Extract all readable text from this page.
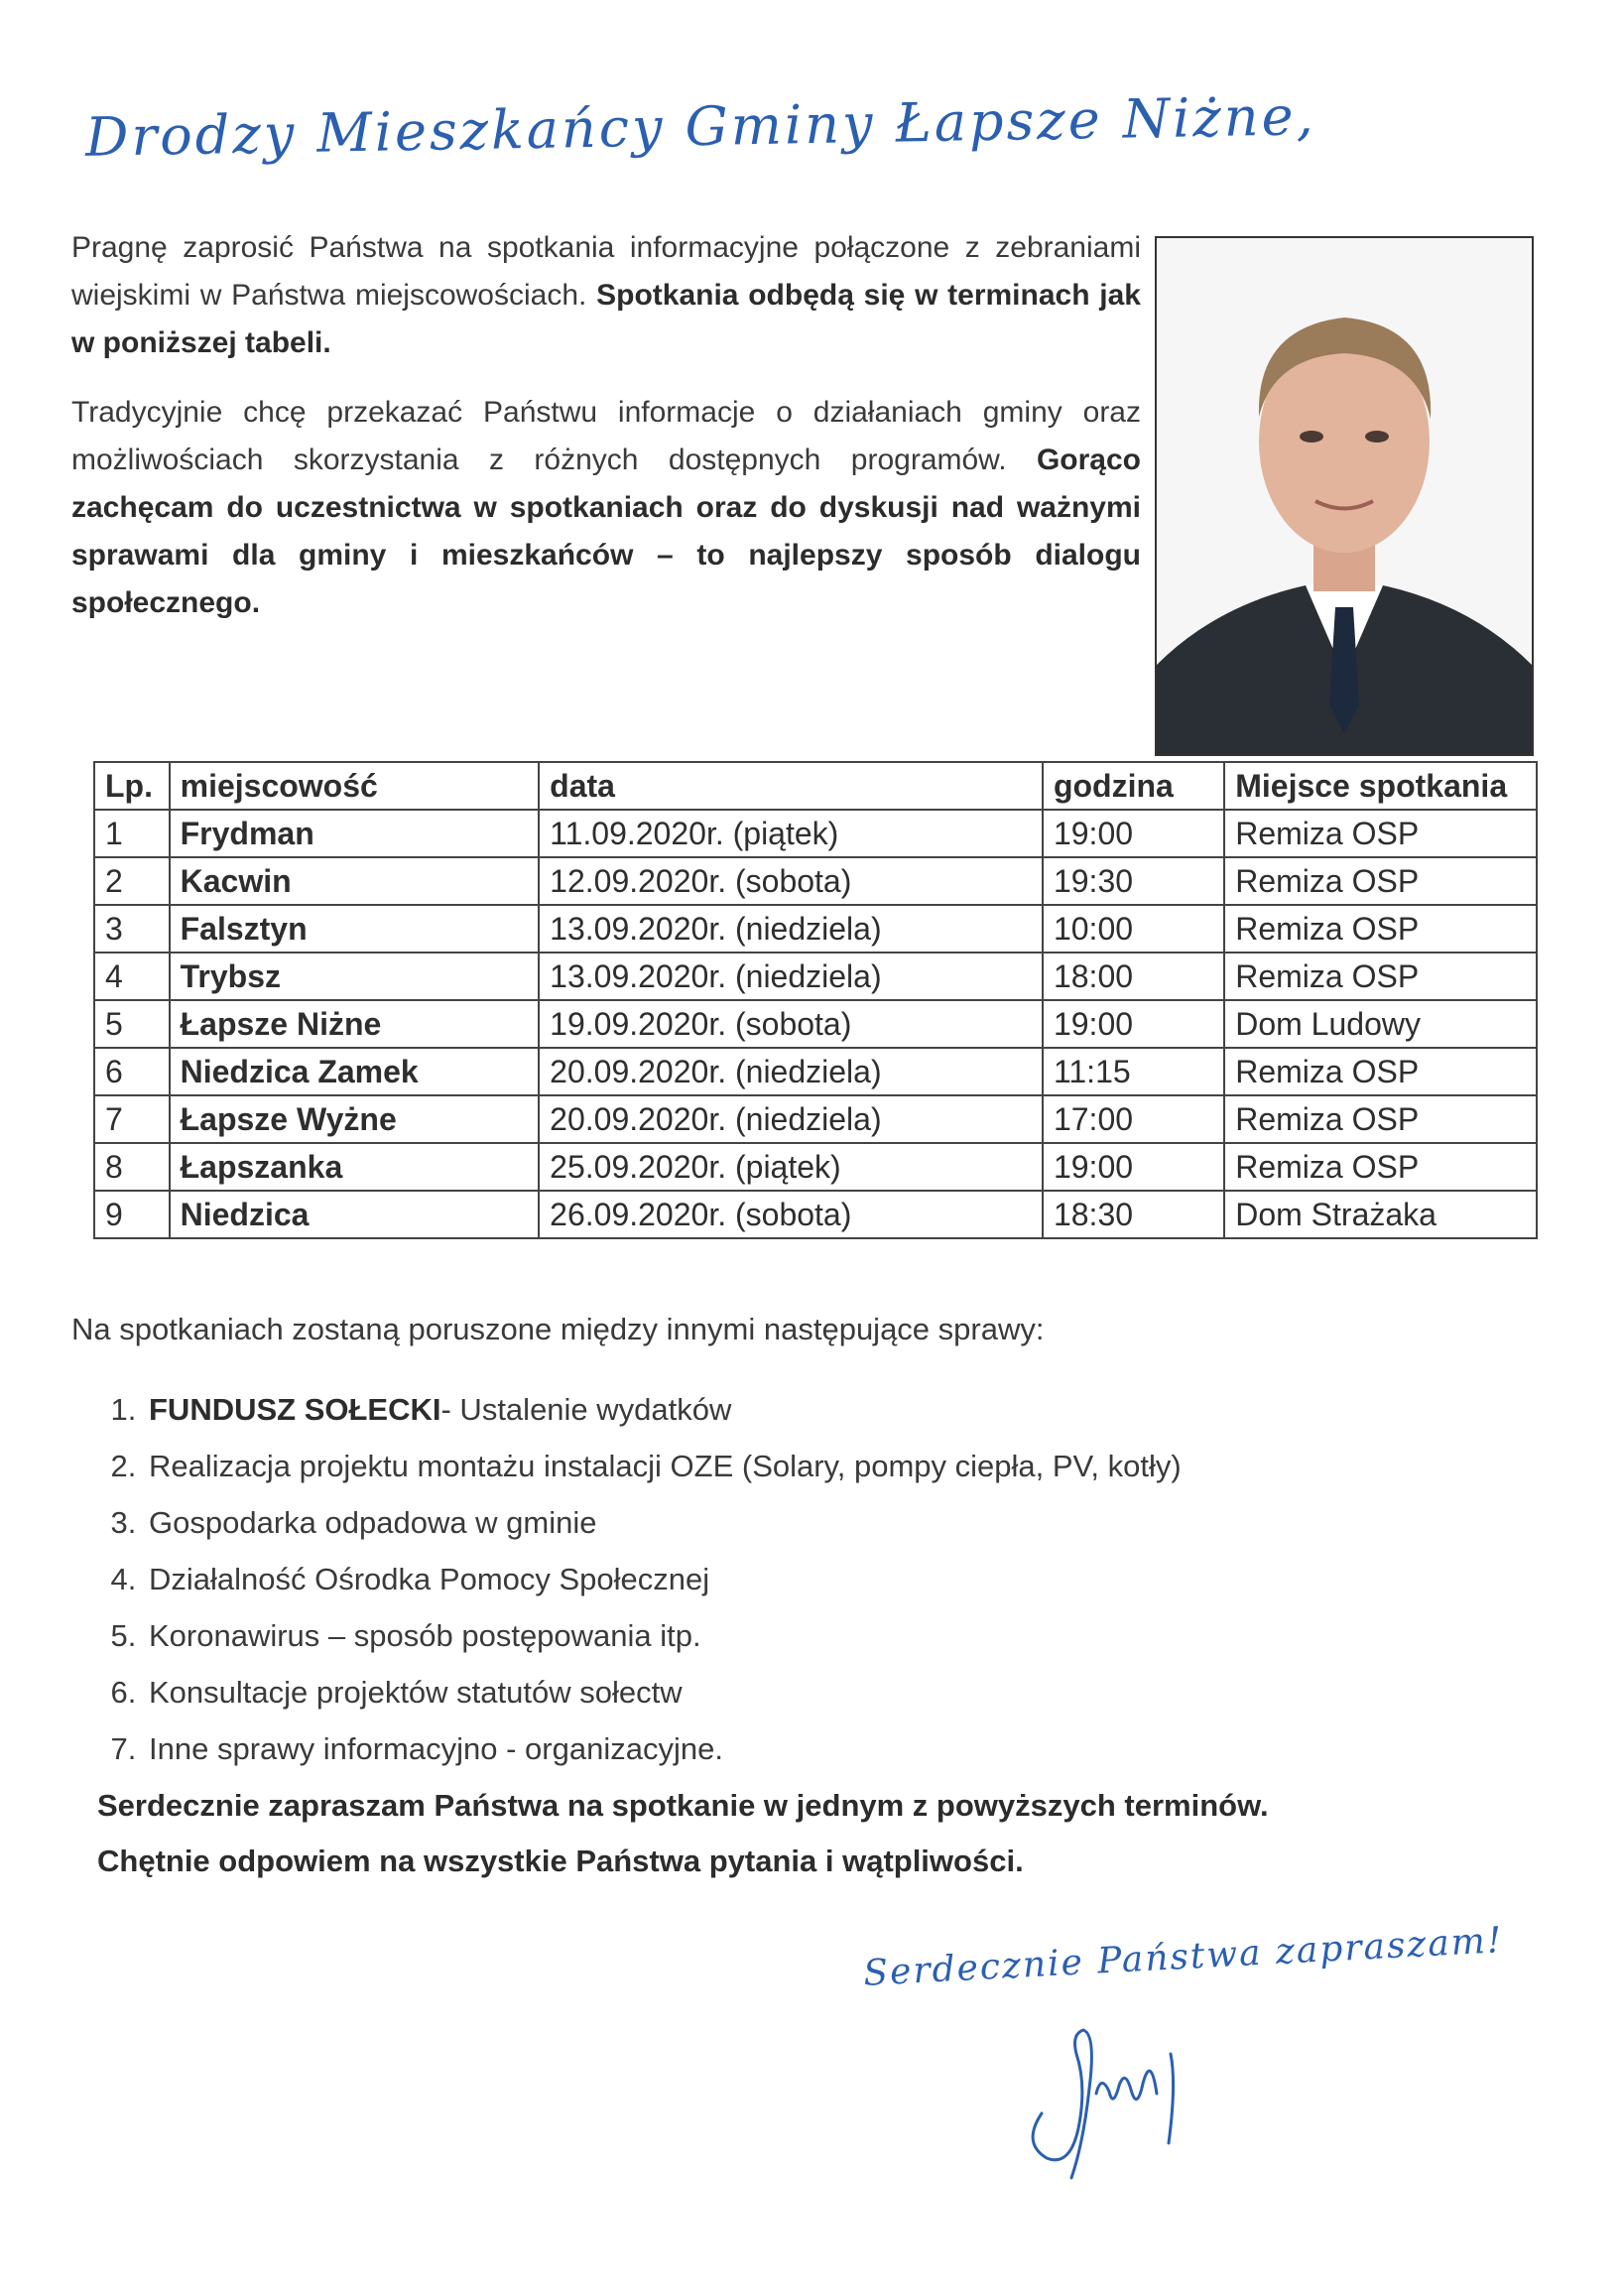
Drodzy Mieszkańcy Gminy Łapsze Niżne,

Pragnę zaprosić Państwa na spotkania informacyjne połączone z zebraniami wiejskimi w Państwa miejscowościach. Spotkania odbędą się w terminach jak w poniższej tabeli.

Tradycyjnie chcę przekazać Państwu informacje o działaniach gminy oraz możliwościach skorzystania z różnych dostępnych programów. Gorąco zachęcam do uczestnictwa w spotkaniach oraz do dyskusji nad ważnymi sprawami dla gminy i mieszkańców – to najlepszy sposób dialogu społecznego.

Lp.	miejscowość	data	godzina	Miejsce spotkania
1	Frydman	11.09.2020r. (piątek)	19:00	Remiza OSP
2	Kacwin	12.09.2020r. (sobota)	19:30	Remiza OSP
3	Falsztyn	13.09.2020r. (niedziela)	10:00	Remiza OSP
4	Trybsz	13.09.2020r. (niedziela)	18:00	Remiza OSP
5	Łapsze Niżne	19.09.2020r. (sobota)	19:00	Dom Ludowy
6	Niedzica Zamek	20.09.2020r. (niedziela)	11:15	Remiza OSP
7	Łapsze Wyżne	20.09.2020r. (niedziela)	17:00	Remiza OSP
8	Łapszanka	25.09.2020r. (piątek)	19:00	Remiza OSP
9	Niedzica	26.09.2020r. (sobota)	18:30	Dom Strażaka
Na spotkaniach zostaną poruszone między innymi następujące sprawy:
1. FUNDUSZ SOŁECKI- Ustalenie wydatków
2. Realizacja projektu montażu instalacji OZE (Solary, pompy ciepła, PV, kotły)
3. Gospodarka odpadowa w gminie
4. Działalność Ośrodka Pomocy Społecznej
5. Koronawirus – sposób postępowania itp.
6. Konsultacje projektów statutów sołectw
7. Inne sprawy informacyjno - organizacyjne.
Serdecznie zapraszam Państwa na spotkanie w jednym z powyższych terminów.
Chętnie odpowiem na wszystkie Państwa pytania i wątpliwości.
Serdecznie Państwa zapraszam!
